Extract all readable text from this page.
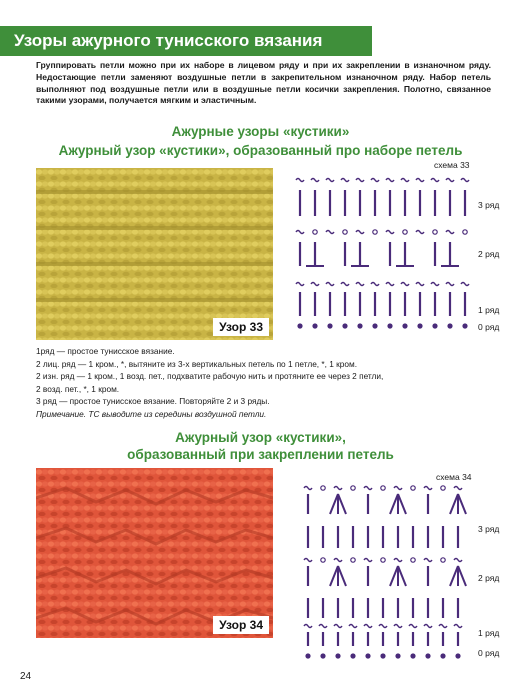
Узоры ажурного тунисского вязания
Группировать петли можно при их наборе в лицевом ряду и при их закреплении в изнаночном ряду. Недостающие петли заменяют воздушные петли в закрепительном изнаночном ряду. Набор петель выполняют под воздушные петли или в воздушные петли косички закрепления. Полотно, связанное такими узорами, получается мягким и эластичным.
Ажурные узоры «кустики»
Ажурный узор «кустики», образованный про наборе петель
схема 33
Узор 33
3 ряд
2 ряд
1 ряд
0 ряд

1ряд — простое тунисское вязание.

2 лиц. ряд — 1 кром., *, вытяните из 3-х вертикальных петель по 1 петле, *, 1 кром.

2 изн. ряд — 1 кром., 1 возд. пет., подхватите рабочую нить и протяните ее через 2 петли,

2 возд. пет., *, 1 кром.

3 ряд — простое тунисское вязание. Повторяйте 2 и 3 ряды.

Примечание. ТС выводите из середины воздушной петли.

Ажурный узор «кустики»,
образованный при закреплении петель
схема 34
Узор 34
3 ряд
2 ряд
1 ряд
0 ряд
24
